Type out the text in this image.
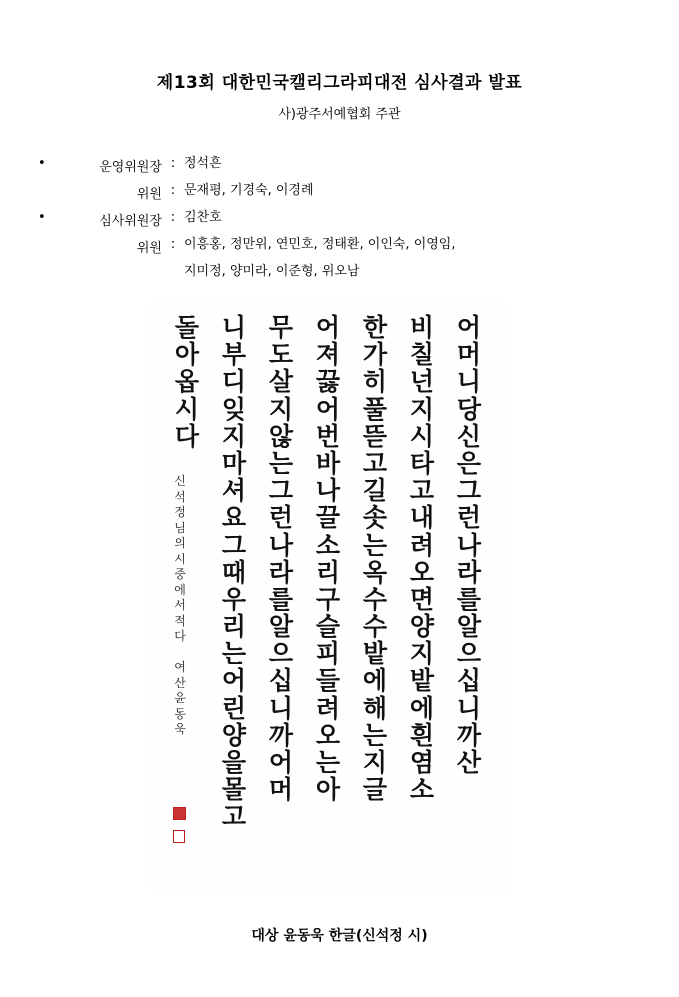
제13회 대한민국캘리그라피대전 심사결과 발표
사)광주서예협회 주관
•	운영위원장 : 정석흔
위원 : 문재평, 기경숙, 이경례
•	심사위원장 : 김찬호
위원 : 이흥홍, 정만위, 연민호, 정태환, 이인숙, 이영임,
지미정, 양미라, 이준형, 위오남
신
석
정
님
의
시
중
에
서
적
다

여
산
윤
동
욱
어
머
니
당
신
은
그
런
나
라
를
알
으
십
니
까
산
비
칠
넌
지
시
타
고
내
려
오
면
양
지
밭
에
흰
염
소
한
가
히
풀
뜯
고
길
솟
는
옥
수
수
밭
에
해
는
지
글
어
져
끓
어
번
바
나
끌
소
리
구
슬
피
들
려
오
는
아
무
도
살
지
않
는
그
런
나
라
를
알
으
십
니
까
어
머
니
부
디
잊
지
마
셔
요
그
때
우
리
는
어
린
양
을
몰
고
돌
아
옵
시
다
대상 윤동욱 한글(신석정 시)
